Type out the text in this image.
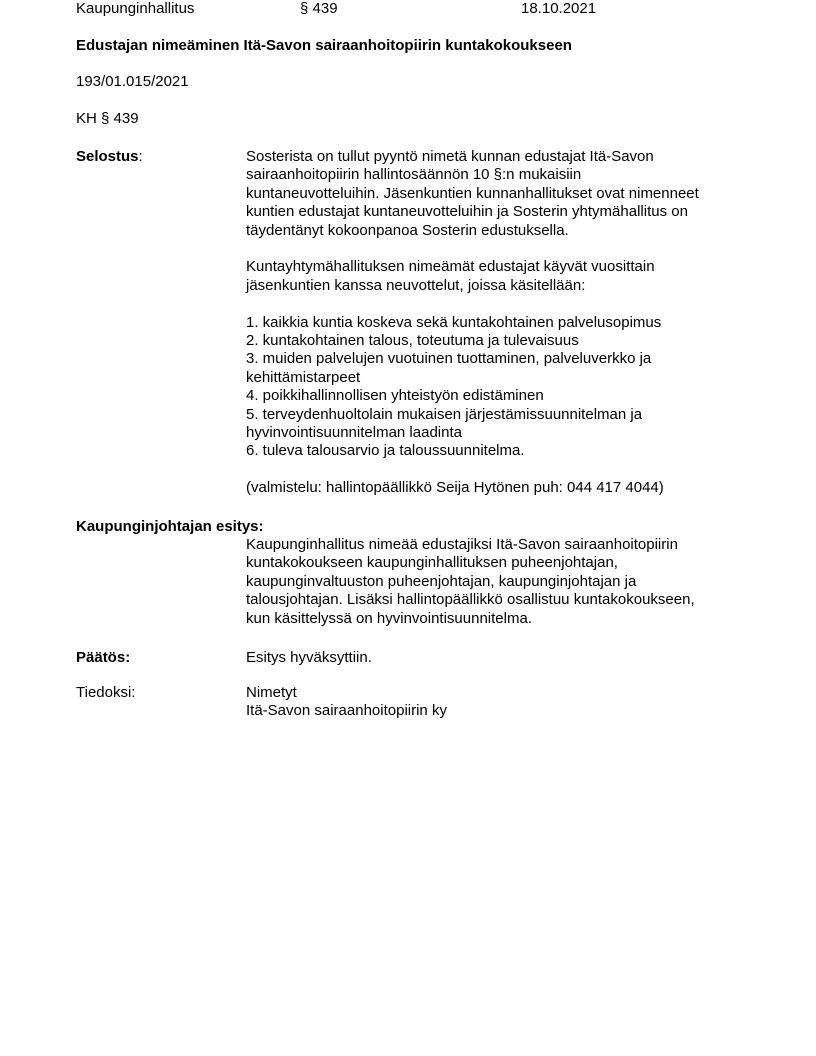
Kaupunginhallitus	§ 439	18.10.2021
Edustajan nimeäminen Itä-Savon sairaanhoitopiirin kuntakokoukseen
193/01.015/2021
KH § 439
Selostus:	Sosterista on tullut pyyntö nimetä kunnan edustajat Itä-Savon
sairaanhoitopiirin hallintosäännön 10 §:n mukaisiin
kuntaneuvotteluihin. Jäsenkuntien kunnanhallitukset ovat nimenneet
kuntien edustajat kuntaneuvotteluihin ja Sosterin yhtymähallitus on
täydentänyt kokoonpanoa Sosterin edustuksella.
Kuntayhtymähallituksen nimeämät edustajat käyvät vuosittain
jäsenkuntien kanssa neuvottelut, joissa käsitellään:
1. kaikkia kuntia koskeva sekä kuntakohtainen palvelusopimus
2. kuntakohtainen talous, toteutuma ja tulevaisuus
3. muiden palvelujen vuotuinen tuottaminen, palveluverkko ja
kehittämistarpeet
4. poikkihallinnollisen yhteistyön edistäminen
5. terveydenhuoltolain mukaisen järjestämissuunnitelman ja
hyvinvointisuunnitelman laadinta
6. tuleva talousarvio ja taloussuunnitelma.
(valmistelu: hallintopäällikkö Seija Hytönen puh: 044 417 4044)
Kaupunginjohtajan esitys:
Kaupunginhallitus nimeää edustajiksi Itä-Savon sairaanhoitopiirin
kuntakokoukseen kaupunginhallituksen puheenjohtajan,
kaupunginvaltuuston puheenjohtajan, kaupunginjohtajan ja
talousjohtajan. Lisäksi hallintopäällikkö osallistuu kuntakokoukseen,
kun käsittelyssä on hyvinvointisuunnitelma.
Päätös:	Esitys hyväksyttiin.
Tiedoksi:	Nimetyt
Itä-Savon sairaanhoitopiirin ky
